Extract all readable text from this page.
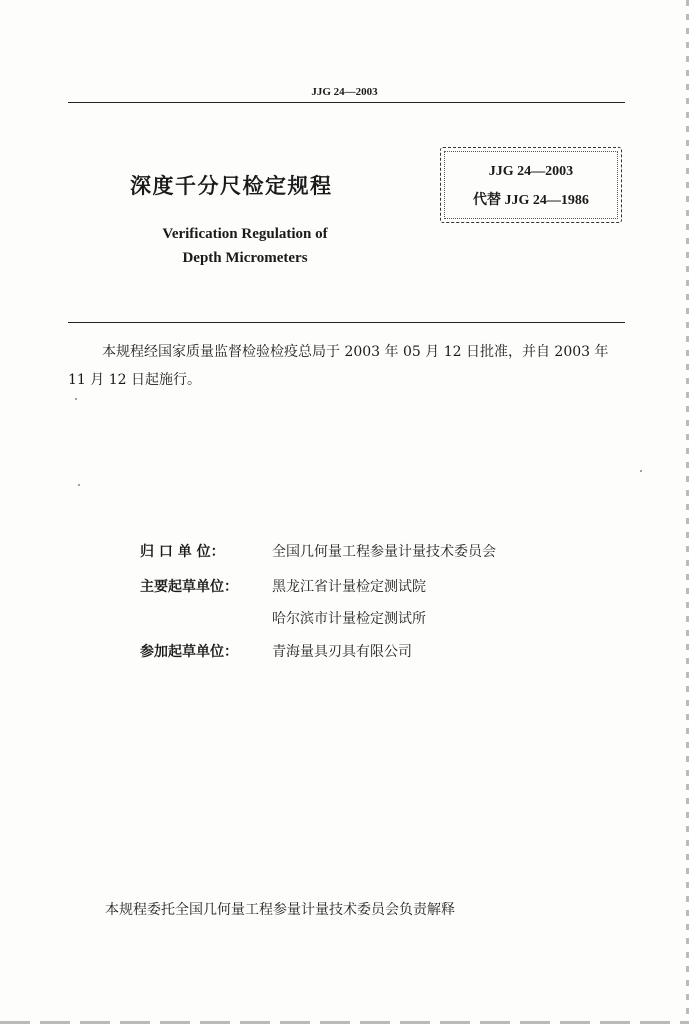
JJG 24—2003
深度千分尺检定规程
Verification Regulation of
Depth Micrometers
JJG 24—2003
代替 JJG 24—1986
本规程经国家质量监督检验检疫总局于 2003 年 05 月 12 日批准，并自 2003 年 11 月 12 日起施行。
归 口 单 位：	全国几何量工程参量计量技术委员会
主要起草单位： 黑龙江省计量检定测试院
哈尔滨市计量检定测试所
参加起草单位： 青海量具刃具有限公司
本规程委托全国几何量工程参量计量技术委员会负责解释
